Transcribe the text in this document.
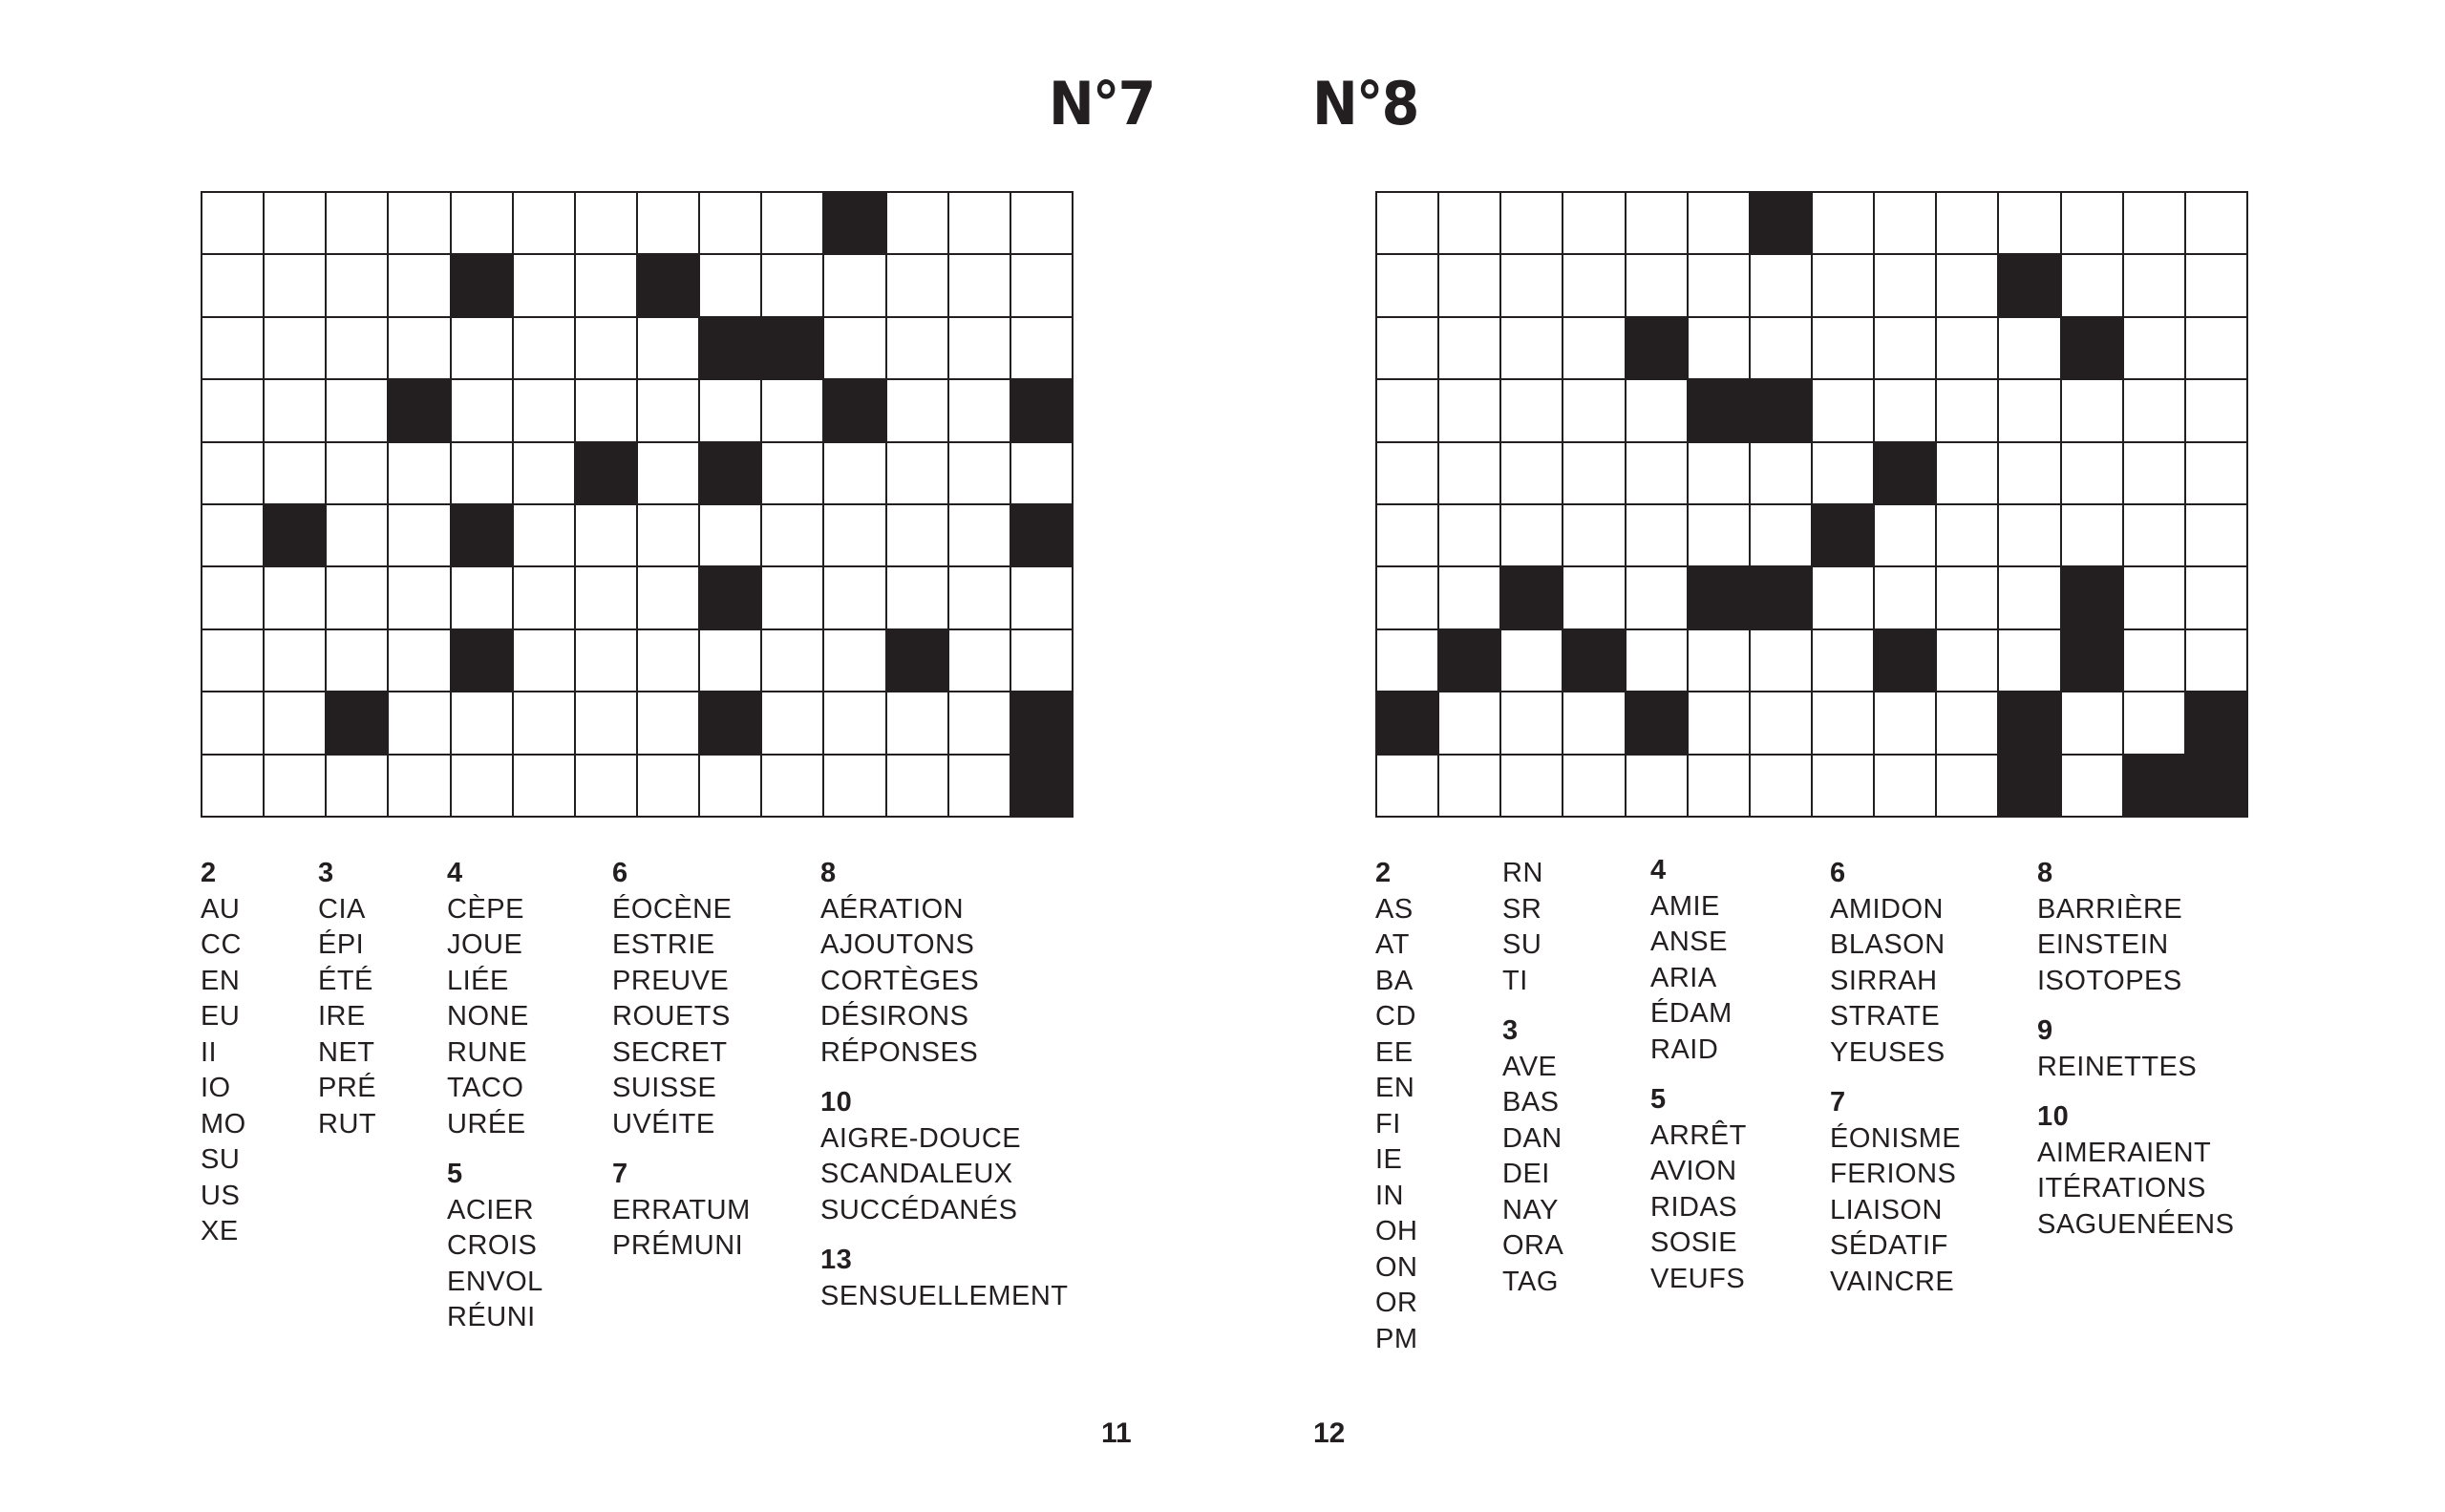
N°7
2
AU
CC
EN
EU
II
IO
MO
SU
US
XE
3
CIA
ÉPI
ÉTÉ
IRE
NET
PRÉ
RUT
4
CÈPE
JOUE
LIÉE
NONE
RUNE
TACO
URÉE
5
ACIER
CROIS
ENVOL
RÉUNI
6
ÉOCÈNE
ESTRIE
PREUVE
ROUETS
SECRET
SUISSE
UVÉITE
7
ERRATUM
PRÉMUNI
8
AÉRATION
AJOUTONS
CORTÈGES
DÉSIRONS
RÉPONSES
10
AIGRE-DOUCE
SCANDALEUX
SUCCÉDANÉS
13
SENSUELLEMENT
11
N°8
2
AS
AT
BA
CD
EE
EN
FI
IE
IN
OH
ON
OR
PM
RN
SR
SU
TI
3
AVE
BAS
DAN
DEI
NAY
ORA
TAG
4
AMIE
ANSE
ARIA
ÉDAM
RAID
5
ARRÊT
AVION
RIDAS
SOSIE
VEUFS
6
AMIDON
BLASON
SIRRAH
STRATE
YEUSES
7
ÉONISME
FERIONS
LIAISON
SÉDATIF
VAINCRE
8
BARRIÈRE
EINSTEIN
ISOTOPES
9
REINETTES
10
AIMERAIENT
ITÉRATIONS
SAGUENÉENS
12
